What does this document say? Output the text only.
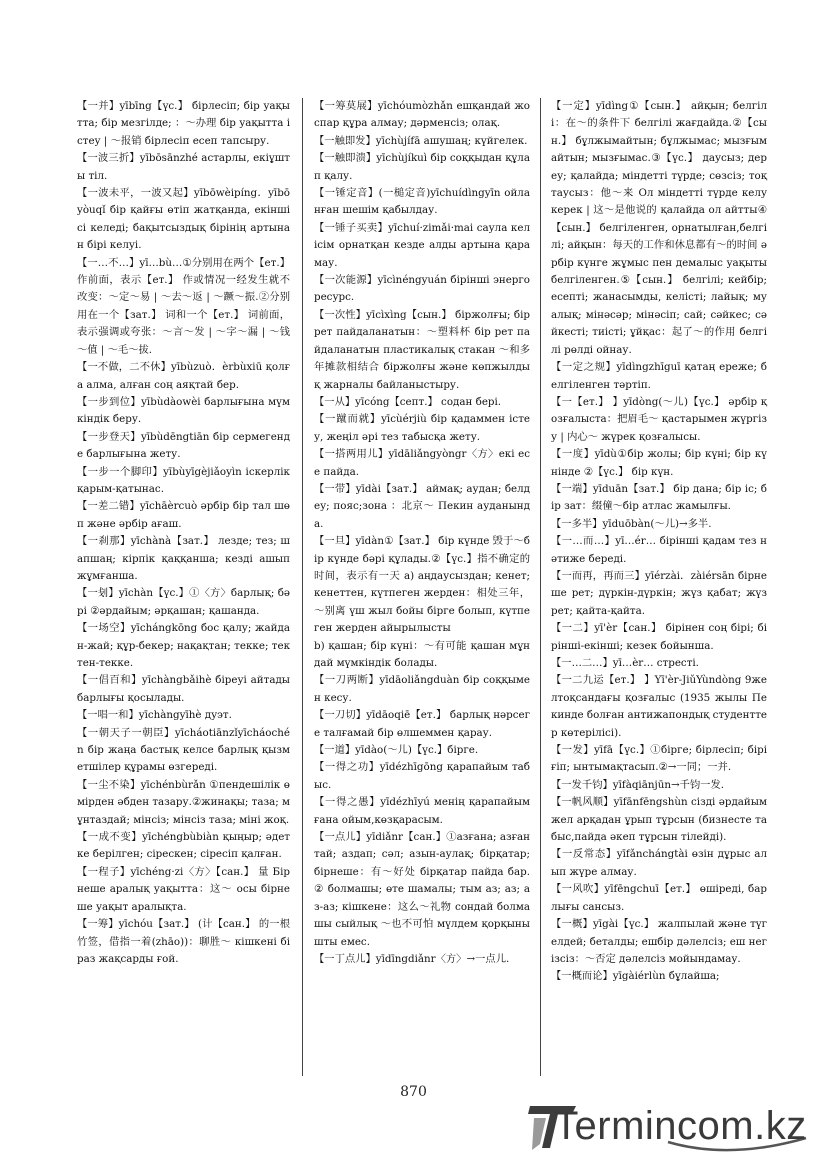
【一并】yībīng【үс.】 бірлесіп; бір уақытта; бір мезгілде; ：～办理 бір уақытта істеу | ～报销 бірлесіп есеп тапсыру.

【一波三折】yībōsānzhé астарлы, екіұшты тіл.

【一波未平，一波又起】yībōwèipíng．yībōyòuqǐ бір қайғы өтіп жатқанда, екіншісі келеді; бақытсыздық бірінің артынан бірі келуі.

【一…不…】yī…bù…①分别用在两个【ет.】 作前面，表示【ет.】 作或情况一经发生就不改变：～定～易 | ～去～返 | ～蹶～振.②分别用在一个【зат.】 词和一个【ет.】 词前面，表示强调或夸张：～言～发 | ～字～漏 | ～钱～值 | ～毛～拔.

【一不做，二不休】yībùzuò．èrbùxiū қолға алма, алған соң аяқтай бер.

【一步到位】yībùdàowèi барлығына мүмкіндік беру.

【一步登天】yībùdēngtiān бір сермегенде барлығына жету.

【一步一个脚印】yībùyīgèjiǎoyìn іскерлік қарым-қатынас.

【一差二错】yīchāèrcuò әрбір бір тал шөп және әрбір ағаш.

【一刹那】yīchànà【зат.】 лезде; тез; шапшаң; кірпік қаққанша; кезді ашып жұмғанша.

【一刬】yīchàn【үс.】①〈方〉барлық; бәрі ②әрдайым; әрқашан; қашанда.

【一场空】yīchángkōng бос қалу; жайдан-жай; құр-бекер; нақақтан; текке; тектен-текке.

【一倡百和】yīchàngbǎihè біреуі айтады барлығы қосылады.

【一唱一和】yīchàngyīhè дуэт.

【一朝天子一朝臣】yīcháotiānzǐyīcháochén бір жаңа бастық келсе барлық қызметшілер құрамы өзгереді.

【一尘不染】yīchénbùrǎn ①пендешілік өмірден әбден тазару.②жинақы; таза; мұнтаздай; мінсіз; мінсіз таза; міні жоқ.

【一成不变】yīchéngbùbiàn қыңыр; әдетке берілген; сірескен; сіресіп қалған.

【一程子】yīchéng·zi〈方〉【сан.】 量 Бірнеше аралық уақытта：这～ осы бірнеше уақыт аралықта.

【一筹】yīchóu【зат.】 (计【сан.】 的一根竹签，借指一着(zhāo))：聊胜～ кішкені біраз жақсарды ғой.

【一筹莫展】yīchóumòzhǎn ешқандай жоспар құра алмау; дәрменсіз; олақ.

【一触即发】yīchùjífā ашушаң; күйгелек.

【一触即溃】yīchùjíkuì бір соққыдан құлап қалу.

【一锤定音】(一槌定音)yīchuídìngyīn ойланған шешім қабылдау.

【一锤子买卖】yīchuí·zimǎi·mai саула келісім орнатқан кезде алды артына қарамау.

【一次能源】yīcìnéngyuán біріншi энергоресурс.

【一次性】yīcìxìng【сын.】 біржолғы; бір рет пайдаланатын：～塑料杯 бір рет пайдаланатын пластикалық стакан ～和多年摊款相结合 біржолғы және көпжылдық жарналы байланыстыру.

【一从】yīcóng【септ.】 содан бері.

【一蹴而就】yīcùérjiù бір қадаммен істеу, жеңіл әрі тез табысқа жету.

【一搭两用儿】yīdāliǎngyòngr〈方〉екі есе пайда.

【一带】yīdài【зат.】 аймақ; аудан; белдеу; пояс;зона ：北京～ Пекин ауданында.

【一旦】yīdàn①【зат.】 бір күнде 毁于～бір күнде бәрі құлады.②【үс.】指不确定的时间，表示有一天 a) аңдаусыздан; кенет; кенеттен, күтпеген жерден：相处三年，～别离 үш жыл бойы бірге болып, күтпеген жерден айырылысты

b) қашан; бір күні：～有可能 қашан мұндай мүмкіндік болады.

【一刀两断】yīdāoliǎngduàn бір соққымен кесу.

【一刀切】yīdāoqiē【ет.】 барлық нәрсеге талғамай бір өлшеммен қарау.

【一道】yīdào(～儿)【үс.】бірге.

【一得之功】yīdézhīgōng қарапайым табыс.

【一得之愚】yīdézhīyú менің қарапайым ғана ойым,көзқарасым.

【一点儿】yīdiǎnr【сан.】①азғана; азғантай; аздап; сәл; азын-аулақ; бірқатар; бірнеше：有～好处 бірқатар пайда бар.② болмашы; өте шамалы; тым аз; аз; аз-аз; кішкене：这么～礼物 сондай болмашы сыйлық ～也不可怕 мүлдем қорқынышты емес.

【一丁点儿】yīdīngdiǎnr〈方〉→一点儿.

【一定】yīdìng①【сын.】 айқын; белгілі：在～的条件下 белгілі жағдайда.②【сын.】 бұлжымайтын; бұлжымас; мызғымайтын; мызғымас.③【үс.】 даусыз; дерeу; қалайда; міндетті түрде; сөзсіз; тоқтаусыз：他～来 Ол міндетті түрде келу керек | 这～是他说的 қалайда ол айтты④【сын.】 белгіленген, орнатылған,белгілі; айқын：每天的工作和休息都有～的时间 әрбір күнге жұмыс пен демалыс уақыты белгіленген.⑤【сын.】 белгілі; кейбір; есепті; жанасымды, келісті; лайық; муалық; мінәсәр; мінәсіп; сай; сәйкес; сәйкесті; тиісті; ұйқас：起了～的作用 белгілі рөлді ойнау.

【一定之规】yīdìngzhīguī қатаң ереже; белгіленген тәртіп.

【一【ет.】 】yīdòng(～儿)【үс.】 әрбір қозғалыста：把眉毛～ қастарымен жүргізу | 内心～ жүрек қозғалысы.

【一度】yīdù①бір жолы; бір күні; бір күнінде ②【үс.】 бір күн.

【一端】yīduān【зат.】 бір дана; бір іс; бір зат：缀僮～бір атлас жамылғы.

【一多半】yīduōbàn(～儿)→多半.

【一…而…】yī…ér… бірінші қадам тез нәтиже береді.

【一而再，再而三】yīérzài．zàiérsān бірнеше рет; дүркін-дүркін; жүз қабат; жүз рет; қайта-қайта.

【一二】yī'èr【сан.】 бірінен соң бірі; бірінші-екінші; кезек бойынша.

【一…二…】yī…èr… стресті.

【一二九运【ет.】 】Yī'èr-JiǔYùndòng 9желтоқсандағы қозғалыс (1935 жылы Пекинде болған антижапондық студенттер көтерілісі).

【一发】yīfā【үс.】①бірге; бірлесіп; біріғіп; ынтымақтасып.②→一同；一并.

【一发千钧】yīfàqiānjūn→千钧一发.

【一帆风顺】yīfānfēngshùn сізді әрдайым жел арқадан ұрып тұрсын (бизнесте табыс,пайда әкеп тұрсын тілейді).

【一反常态】yīfǎnchángtài өзін дұрыс алып жүре алмау.

【一风吹】yīfēngchuī【ет.】 өшіреді, барлығы сансыз.

【一概】yīgài【үс.】 жалпылай және түгелдей; беталды; ешбір дәлелсіз; еш негізсіз：～否定 дәлелсіз мойындамау.

【一概而论】yīgàiérlùn бұлайша;

870
Termincom.kz
